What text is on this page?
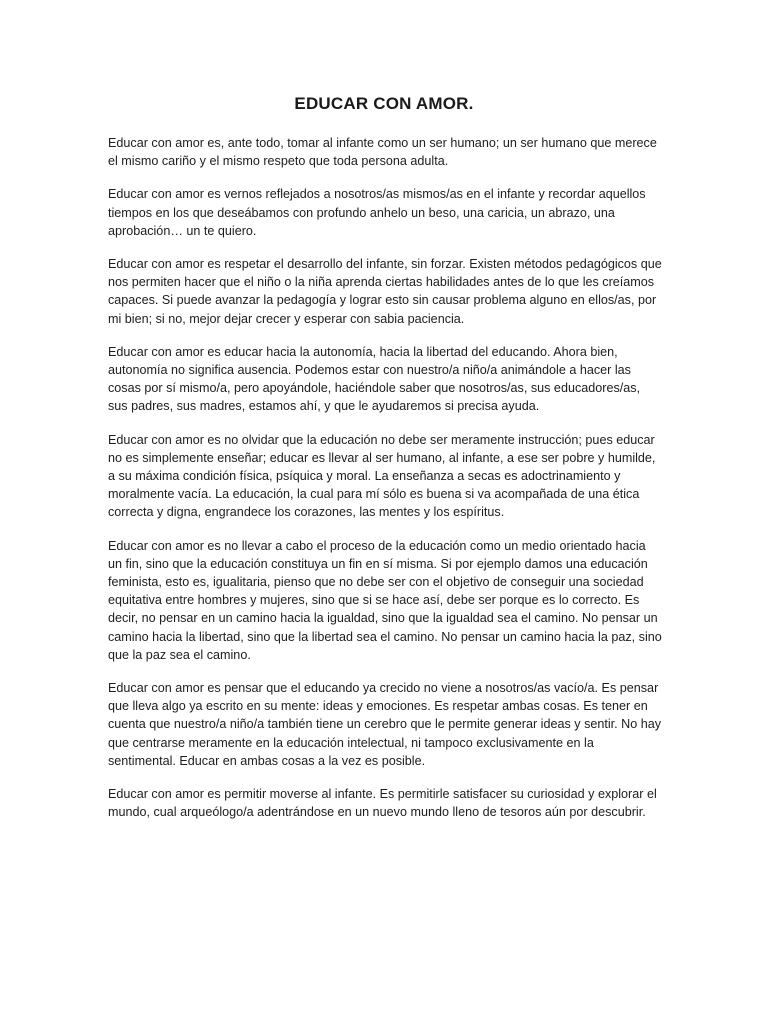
EDUCAR CON AMOR.

Educar con amor es, ante todo, tomar al infante como un ser humano; un ser humano que merece el mismo cariño y el mismo respeto que toda persona adulta.

Educar con amor es vernos reflejados a nosotros/as mismos/as en el infante y recordar aquellos tiempos en los que deseábamos con profundo anhelo un beso, una caricia, un abrazo, una aprobación… un te quiero.

Educar con amor es respetar el desarrollo del infante, sin forzar. Existen métodos pedagógicos que nos permiten hacer que el niño o la niña aprenda ciertas habilidades antes de lo que les creíamos capaces. Si puede avanzar la pedagogía y lograr esto sin causar problema alguno en ellos/as, por mi bien; si no, mejor dejar crecer y esperar con sabia paciencia.

Educar con amor es educar hacia la autonomía, hacia la libertad del educando. Ahora bien, autonomía no significa ausencia. Podemos estar con nuestro/a niño/a animándole a hacer las cosas por sí mismo/a, pero apoyándole, haciéndole saber que nosotros/as, sus educadores/as, sus padres, sus madres, estamos ahí, y que le ayudaremos si precisa ayuda.

Educar con amor es no olvidar que la educación no debe ser meramente instrucción; pues educar no es simplemente enseñar; educar es llevar al ser humano, al infante, a ese ser pobre y humilde, a su máxima condición física, psíquica y moral. La enseñanza a secas es adoctrinamiento y moralmente vacía. La educación, la cual para mí sólo es buena si va acompañada de una ética correcta y digna, engrandece los corazones, las mentes y los espíritus.

Educar con amor es no llevar a cabo el proceso de la educación como un medio orientado hacia un fin, sino que la educación constituya un fin en sí misma. Si por ejemplo damos una educación feminista, esto es, igualitaria, pienso que no debe ser con el objetivo de conseguir una sociedad equitativa entre hombres y mujeres, sino que si se hace así, debe ser porque es lo correcto. Es decir, no pensar en un camino hacia la igualdad, sino que la igualdad sea el camino. No pensar un camino hacia la libertad, sino que la libertad sea el camino. No pensar un camino hacia la paz, sino que la paz sea el camino.

Educar con amor es pensar que el educando ya crecido no viene a nosotros/as vacío/a. Es pensar que lleva algo ya escrito en su mente: ideas y emociones. Es respetar ambas cosas. Es tener en cuenta que nuestro/a niño/a también tiene un cerebro que le permite generar ideas y sentir. No hay que centrarse meramente en la educación intelectual, ni tampoco exclusivamente en la sentimental. Educar en ambas cosas a la vez es posible.

Educar con amor es permitir moverse al infante. Es permitirle satisfacer su curiosidad y explorar el mundo, cual arqueólogo/a adentrándose en un nuevo mundo lleno de tesoros aún por descubrir.
